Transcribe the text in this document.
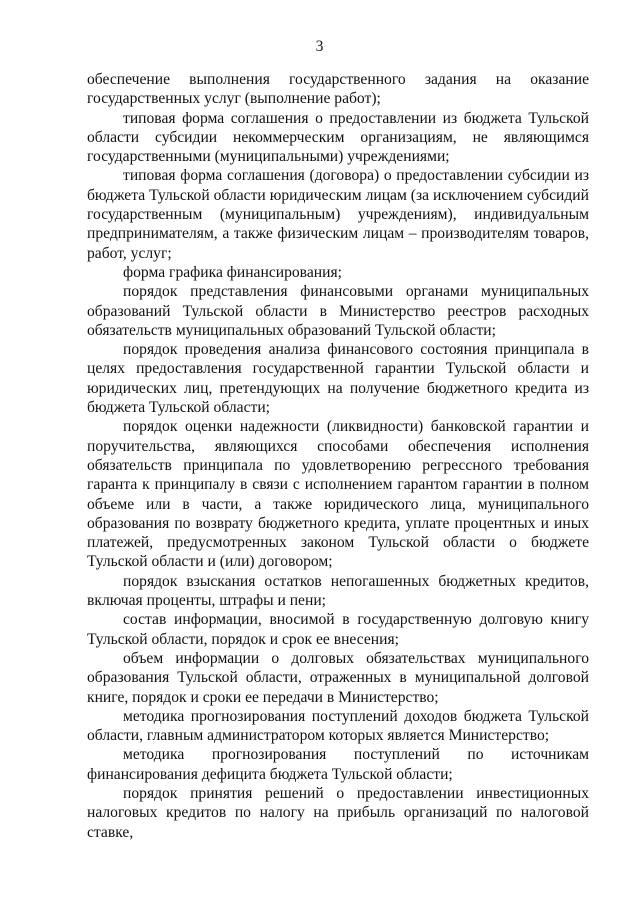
3

обеспечение выполнения государственного задания на оказание государственных услуг (выполнение работ);

типовая форма соглашения о предоставлении из бюджета Тульской области субсидии некоммерческим организациям, не являющимся государственными (муниципальными) учреждениями;

типовая форма соглашения (договора) о предоставлении субсидии из бюджета Тульской области юридическим лицам (за исключением субсидий государственным (муниципальным) учреждениям), индивидуальным предпринимателям, а также физическим лицам – производителям товаров, работ, услуг;

форма графика финансирования;

порядок представления финансовыми органами муниципальных образований Тульской области в Министерство реестров расходных обязательств муниципальных образований Тульской области;

порядок проведения анализа финансового состояния принципала в целях предоставления государственной гарантии Тульской области и юридических лиц, претендующих на получение бюджетного кредита из бюджета Тульской области;

порядок оценки надежности (ликвидности) банковской гарантии и поручительства, являющихся способами обеспечения исполнения обязательств принципала по удовлетворению регрессного требования гаранта к принципалу в связи с исполнением гарантом гарантии в полном объеме или в части, а также юридического лица, муниципального образования по возврату бюджетного кредита, уплате процентных и иных платежей, предусмотренных законом Тульской области о бюджете Тульской области и (или) договором;

порядок взыскания остатков непогашенных бюджетных кредитов, включая проценты, штрафы и пени;

состав информации, вносимой в государственную долговую книгу Тульской области, порядок и срок ее внесения;

объем информации о долговых обязательствах муниципального образования Тульской области, отраженных в муниципальной долговой книге, порядок и сроки ее передачи в Министерство;

методика прогнозирования поступлений доходов бюджета Тульской области, главным администратором которых является Министерство;

методика прогнозирования поступлений по источникам финансирования дефицита бюджета Тульской области;

порядок принятия решений о предоставлении инвестиционных налоговых кредитов по налогу на прибыль организаций по налоговой ставке,
